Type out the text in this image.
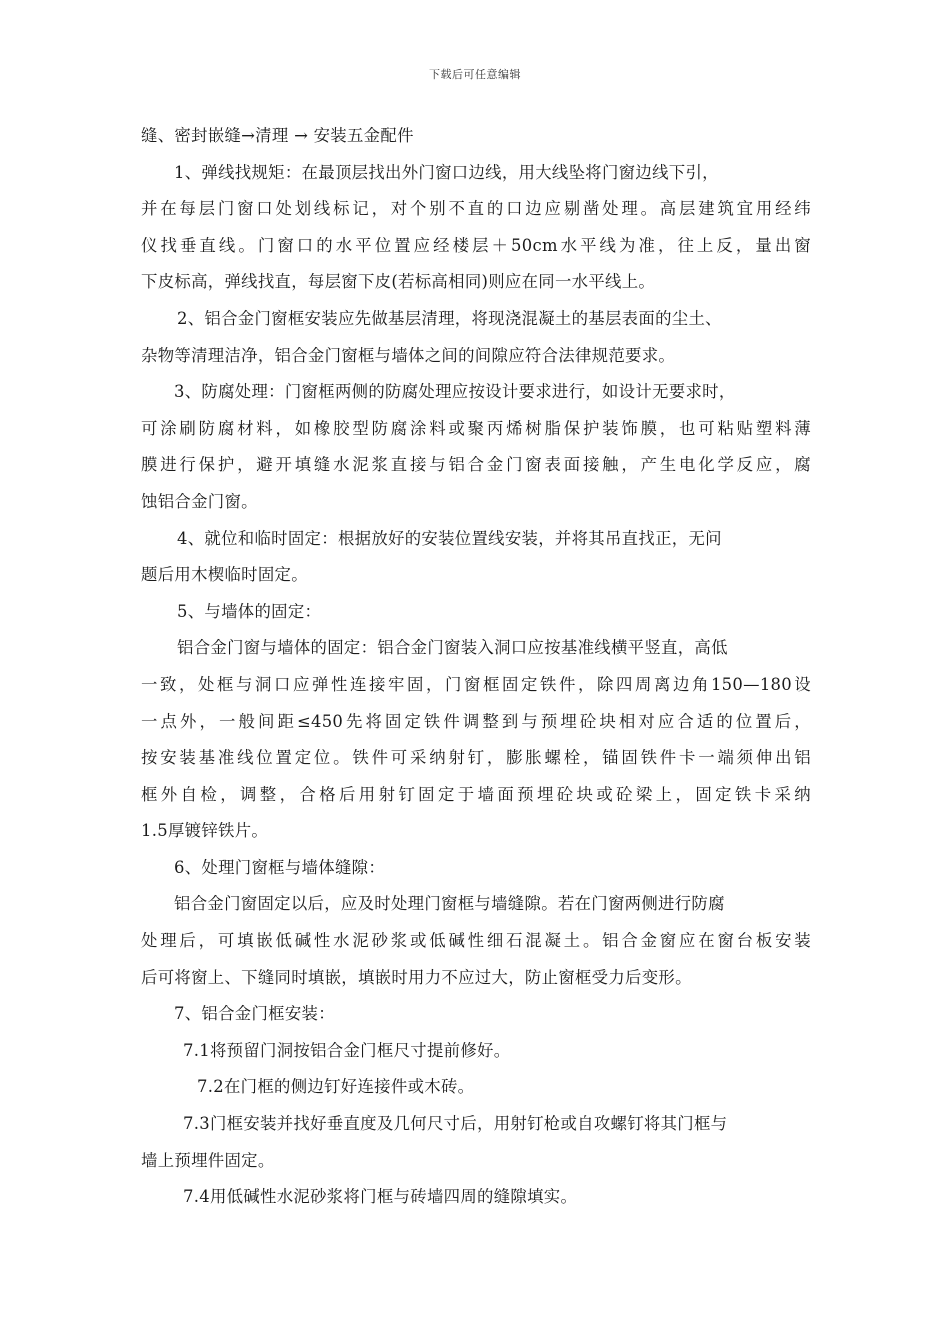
下载后可任意编辑
缝、密封嵌缝→清理 → 安装五金配件
1、弹线找规矩：在最顶层找出外门窗口边线，用大线坠将门窗边线下引，
并在每层门窗口处划线标记，对个别不直的口边应剔凿处理。高层建筑宜用经纬
仪找垂直线。门窗口的水平位置应经楼层＋50cm水平线为准，往上反，量出窗
下皮标高，弹线找直，每层窗下皮(若标高相同)则应在同一水平线上。
2、铝合金门窗框安装应先做基层清理，将现浇混凝土的基层表面的尘土、
杂物等清理洁净，铝合金门窗框与墙体之间的间隙应符合法律规范要求。
3、防腐处理：门窗框两侧的防腐处理应按设计要求进行，如设计无要求时，
可涂刷防腐材料，如橡胶型防腐涂料或聚丙烯树脂保护装饰膜，也可粘贴塑料薄
膜进行保护，避开填缝水泥浆直接与铝合金门窗表面接触，产生电化学反应，腐
蚀铝合金门窗。
4、就位和临时固定：根据放好的安装位置线安装，并将其吊直找正，无问
题后用木楔临时固定。
5、与墙体的固定：
铝合金门窗与墙体的固定：铝合金门窗装入洞口应按基准线横平竖直，高低
一致，处框与洞口应弹性连接牢固，门窗框固定铁件，除四周离边角150—180设
一点外，一般间距≤450先将固定铁件调整到与预埋砼块相对应合适的位置后，
按安装基准线位置定位。铁件可采纳射钉，膨胀螺栓，锚固铁件卡一端须伸出铝
框外自检，调整，合格后用射钉固定于墙面预埋砼块或砼梁上，固定铁卡采纳
1.5厚镀锌铁片。
6、处理门窗框与墙体缝隙：
铝合金门窗固定以后，应及时处理门窗框与墙缝隙。若在门窗两侧进行防腐
处理后，可填嵌低碱性水泥砂浆或低碱性细石混凝土。铝合金窗应在窗台板安装
后可将窗上、下缝同时填嵌，填嵌时用力不应过大，防止窗框受力后变形。
7、铝合金门框安装：
7.1将预留门洞按铝合金门框尺寸提前修好。
7.2在门框的侧边钉好连接件或木砖。
7.3门框安装并找好垂直度及几何尺寸后，用射钉枪或自攻螺钉将其门框与
墙上预埋件固定。
7.4用低碱性水泥砂浆将门框与砖墙四周的缝隙填实。
